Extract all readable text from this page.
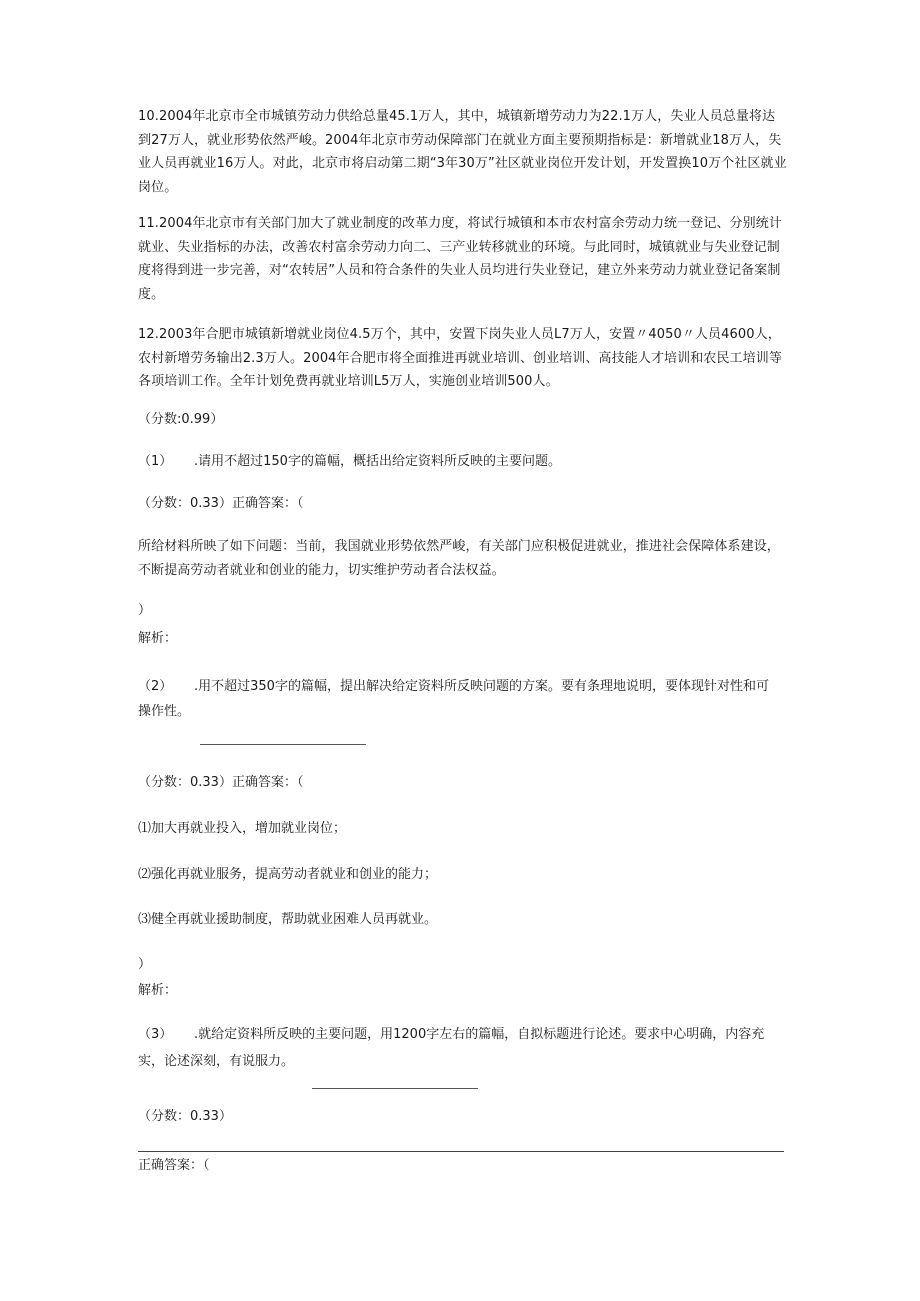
10.2004年北京市全市城镇劳动力供给总量45.1万人，其中，城镇新增劳动力为22.1万人，失业人员总量将达到27万人，就业形势依然严峻。2004年北京市劳动保障部门在就业方面主要预期指标是：新增就业18万人，失业人员再就业16万人。对此，北京市将启动第二期“3年30万”社区就业岗位开发计划，开发置换10万个社区就业岗位。

11.2004年北京市有关部门加大了就业制度的改革力度，将试行城镇和本市农村富余劳动力统一登记、分别统计就业、失业指标的办法，改善农村富余劳动力向二、三产业转移就业的环境。与此同时，城镇就业与失业登记制度将得到进一步完善，对“农转居”人员和符合条件的失业人员均进行失业登记，建立外来劳动力就业登记备案制度。

12.2003年合肥市城镇新增就业岗位4.5万个，其中，安置下岗失业人员L7万人，安置〃4050〃人员4600人，农村新增劳务输出2.3万人。2004年合肥市将全面推进再就业培训、创业培训、高技能人才培训和农民工培训等各项培训工作。全年计划免费再就业培训L5万人，实施创业培训500人。

（分数:0.99）

（1） .请用不超过150字的篇幅，概括出给定资料所反映的主要问题。

（分数：0.33）正确答案：（

所给材料所映了如下问题：当前，我国就业形势依然严峻，有关部门应积极促进就业，推进社会保障体系建设，不断提高劳动者就业和创业的能力，切实维护劳动者合法权益。

）

解析：

（2） .用不超过350字的篇幅，提出解决给定资料所反映问题的方案。要有条理地说明，要体现针对性和可

操作性。

（分数：0.33）正确答案：（

⑴加大再就业投入，增加就业岗位；

⑵强化再就业服务，提高劳动者就业和创业的能力；

⑶健全再就业援助制度，帮助就业困难人员再就业。

）

解析：

（3） .就给定资料所反映的主要问题，用1200字左右的篇幅，自拟标题进行论述。要求中心明确，内容充

实，论述深刻，有说服力。

（分数：0.33）

正确答案：（
